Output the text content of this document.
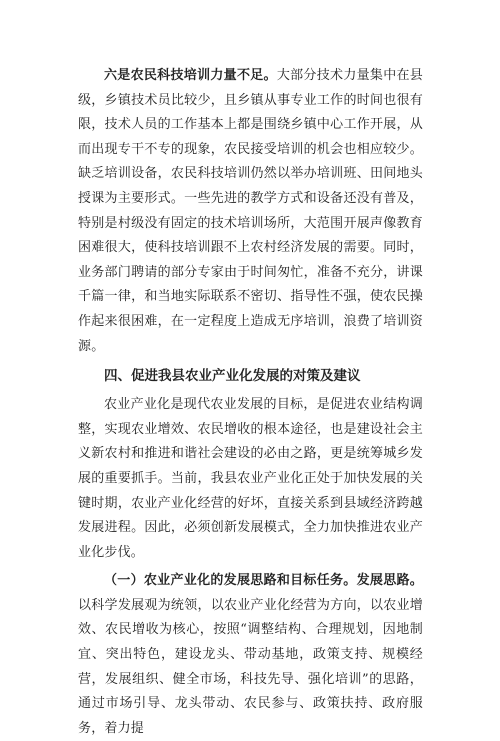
六是农民科技培训力量不足。大部分技术力量集中在县级，乡镇技术员比较少，且乡镇从事专业工作的时间也很有限，技术人员的工作基本上都是围绕乡镇中心工作开展，从而出现专干不专的现象，农民接受培训的机会也相应较少。缺乏培训设备，农民科技培训仍然以举办培训班、田间地头授课为主要形式。一些先进的教学方式和设备还没有普及，特别是村级没有固定的技术培训场所，大范围开展声像教育困难很大，使科技培训跟不上农村经济发展的需要。同时，业务部门聘请的部分专家由于时间匆忙，准备不充分，讲课千篇一律，和当地实际联系不密切、指导性不强，使农民操作起来很困难，在一定程度上造成无序培训，浪费了培训资源。

四、促进我县农业产业化发展的对策及建议

农业产业化是现代农业发展的目标，是促进农业结构调整，实现农业增效、农民增收的根本途径，也是建设社会主义新农村和推进和谐社会建设的必由之路，更是统筹城乡发展的重要抓手。当前，我县农业产业化正处于加快发展的关键时期，农业产业化经营的好坏，直接关系到县域经济跨越发展进程。因此，必须创新发展模式，全力加快推进农业产业化步伐。

（一）农业产业化的发展思路和目标任务。发展思路。以科学发展观为统领，以农业产业化经营为方向，以农业增效、农民增收为核心，按照“调整结构、合理规划，因地制宜、突出特色，建设龙头、带动基地，政策支持、规模经营，发展组织、健全市场，科技先导、强化培训”的思路，通过市场引导、龙头带动、农民参与、政策扶持、政府服务，着力提
